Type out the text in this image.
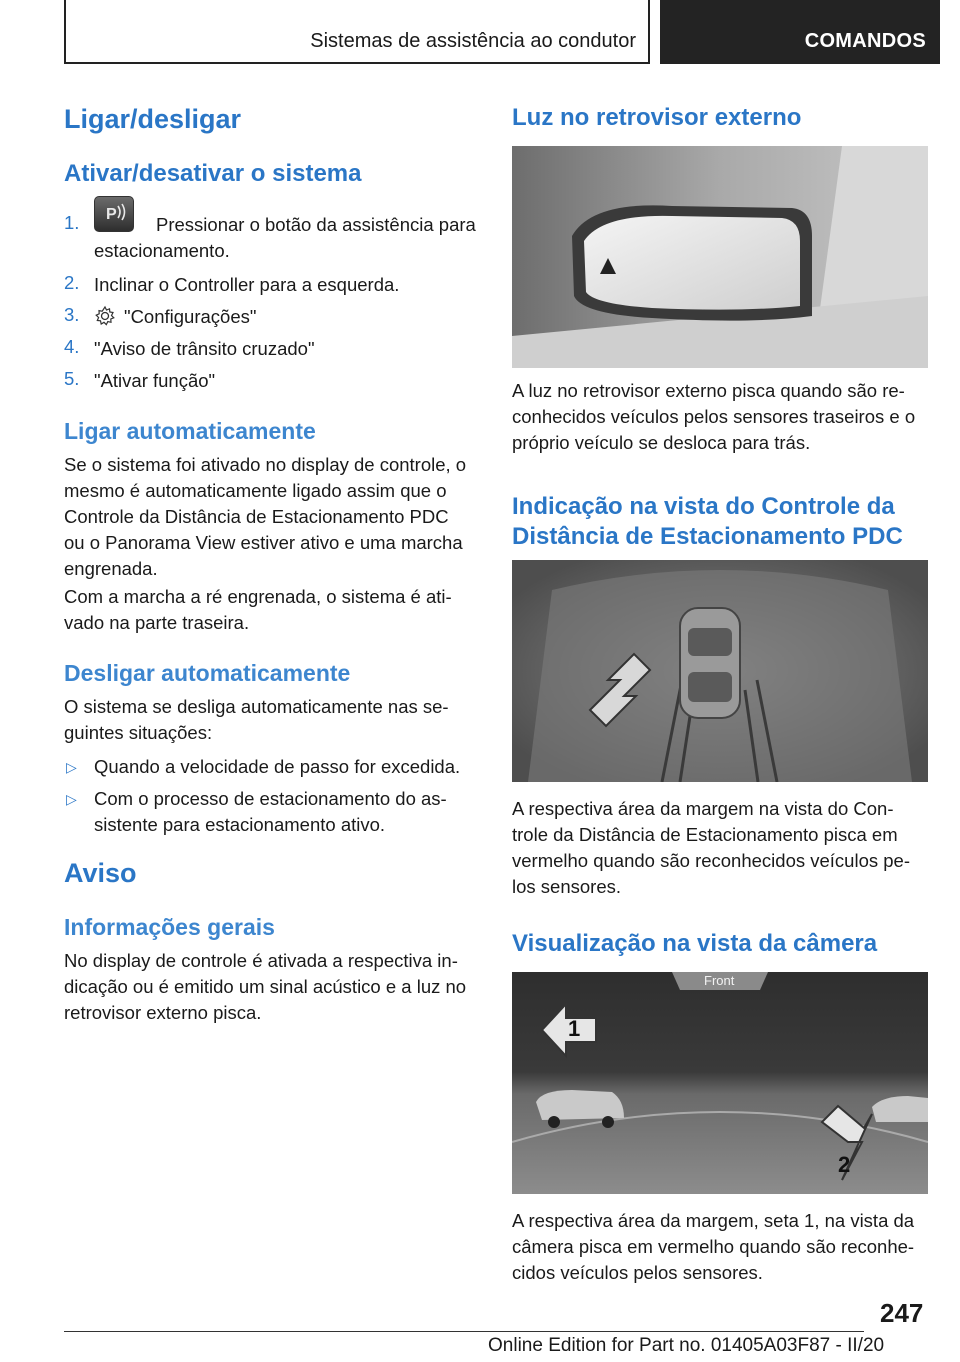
Sistemas de assistência ao condutor	COMANDOS
Ligar/desligar
Ativar/desativar o sistema
1. P Pressionar o botão da assistência para
estacionamento.
2. Inclinar o Controller para a esquerda.
3. "Configurações"
4. "Aviso de trânsito cruzado"
5. "Ativar função"
Ligar automaticamente
Se o sistema foi ativado no display de controle, o
mesmo é automaticamente ligado assim que o
Controle da Distância de Estacionamento PDC
ou o Panorama View estiver ativo e uma marcha
engrenada.
Com a marcha a ré engrenada, o sistema é ati-
vado na parte traseira.
Desligar automaticamente
O sistema se desliga automaticamente nas se-
guintes situações:
▷ Quando a velocidade de passo for excedida.
▷ Com o processo de estacionamento do as-
sistente para estacionamento ativo.
Aviso
Informações gerais
No display de controle é ativada a respectiva in-
dicação ou é emitido um sinal acústico e a luz no
retrovisor externo pisca.
Luz no retrovisor externo
A luz no retrovisor externo pisca quando são re-
conhecidos veículos pelos sensores traseiros e o
próprio veículo se desloca para trás.
Indicação na vista do Controle da
Distância de Estacionamento PDC
A respectiva área da margem na vista do Con-
trole da Distância de Estacionamento pisca em
vermelho quando são reconhecidos veículos pe-
los sensores.
Visualização na vista da câmera
Front
1
2
A respectiva área da margem, seta 1, na vista da
câmera pisca em vermelho quando são reconhe-
cidos veículos pelos sensores.
247
Online Edition for Part no. 01405A03F87 - II/20
